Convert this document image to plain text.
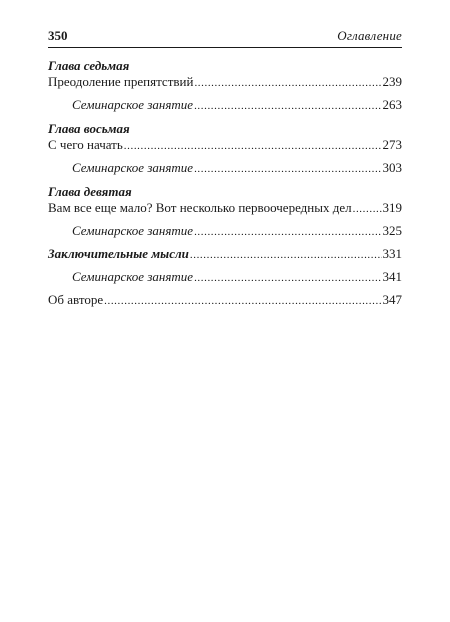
350	Оглавление
Глава седьмая
Преодоление препятствий .....	239
Семинарское занятие .....	263
Глава восьмая
С чего начать .....	273
Семинарское занятие .....	303
Глава девятая
Вам все еще мало? Вот несколько первоочередных дел ..... 319
Семинарское занятие .....	325
Заключительные мысли .....	331
Семинарское занятие .....	341
Об авторе .....	347
